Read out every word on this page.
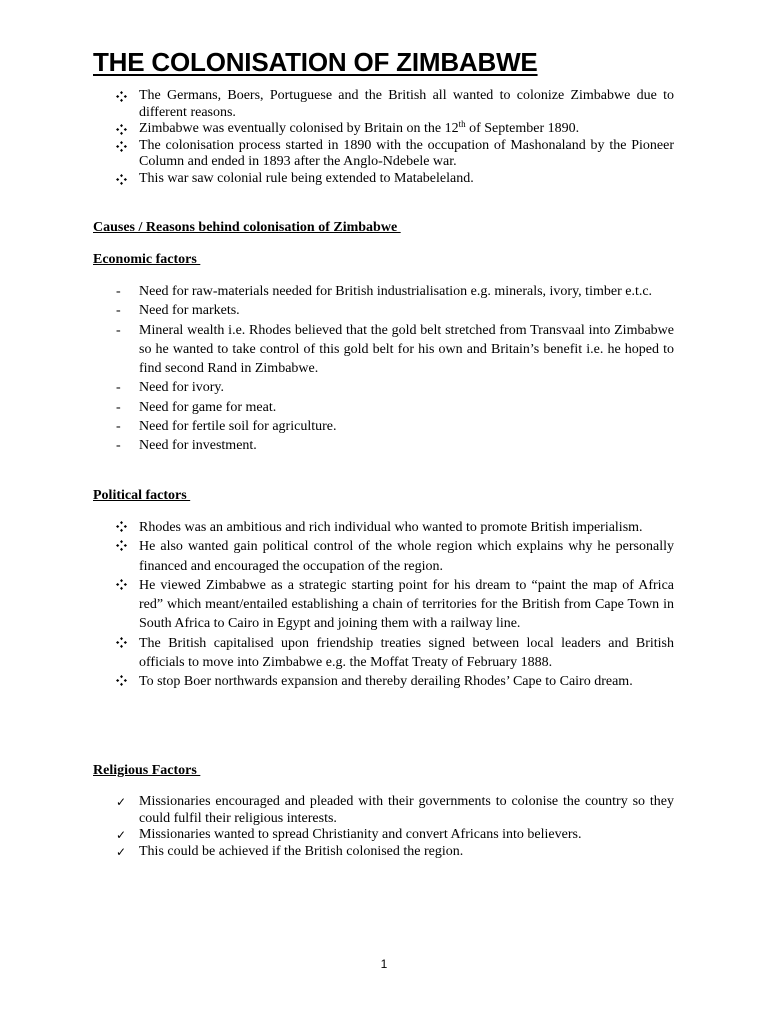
THE COLONISATION OF ZIMBABWE
The Germans, Boers, Portuguese and the British all wanted to colonize Zimbabwe due to different reasons.
Zimbabwe was eventually colonised by Britain on the 12th of September 1890.
The colonisation process started in 1890 with the occupation of Mashonaland by the Pioneer Column and ended in 1893 after the Anglo-Ndebele war.
This war saw colonial rule being extended to Matabeleland.

Causes / Reasons behind colonisation of Zimbabwe

Economic factors

-	Need for raw-materials needed for British industrialisation e.g. minerals, ivory, timber e.t.c.
-	Need for markets.
-	Mineral wealth i.e. Rhodes believed that the gold belt stretched from Transvaal into Zimbabwe so he wanted to take control of this gold belt for his own and Britain’s benefit i.e. he hoped to find second Rand in Zimbabwe.
-	Need for ivory.
-	Need for game for meat.
-	Need for fertile soil for agriculture.
-	Need for investment.

Political factors

Rhodes was an ambitious and rich individual who wanted to promote British imperialism.
He also wanted gain political control of the whole region which explains why he personally financed and encouraged the occupation of the region.
He viewed Zimbabwe as a strategic starting point for his dream to “paint the map of Africa red” which meant/entailed establishing a chain of territories for the British from Cape Town in South Africa to Cairo in Egypt and joining them with a railway line.
The British capitalised upon friendship treaties signed between local leaders and British officials to move into Zimbabwe e.g. the Moffat Treaty of February 1888.
To stop Boer northwards expansion and thereby derailing Rhodes’ Cape to Cairo dream.

Religious Factors

✓ Missionaries encouraged and pleaded with their governments to colonise the country so they could fulfil their religious interests.
✓ Missionaries wanted to spread Christianity and convert Africans into believers.
✓ This could be achieved if the British colonised the region.
1
